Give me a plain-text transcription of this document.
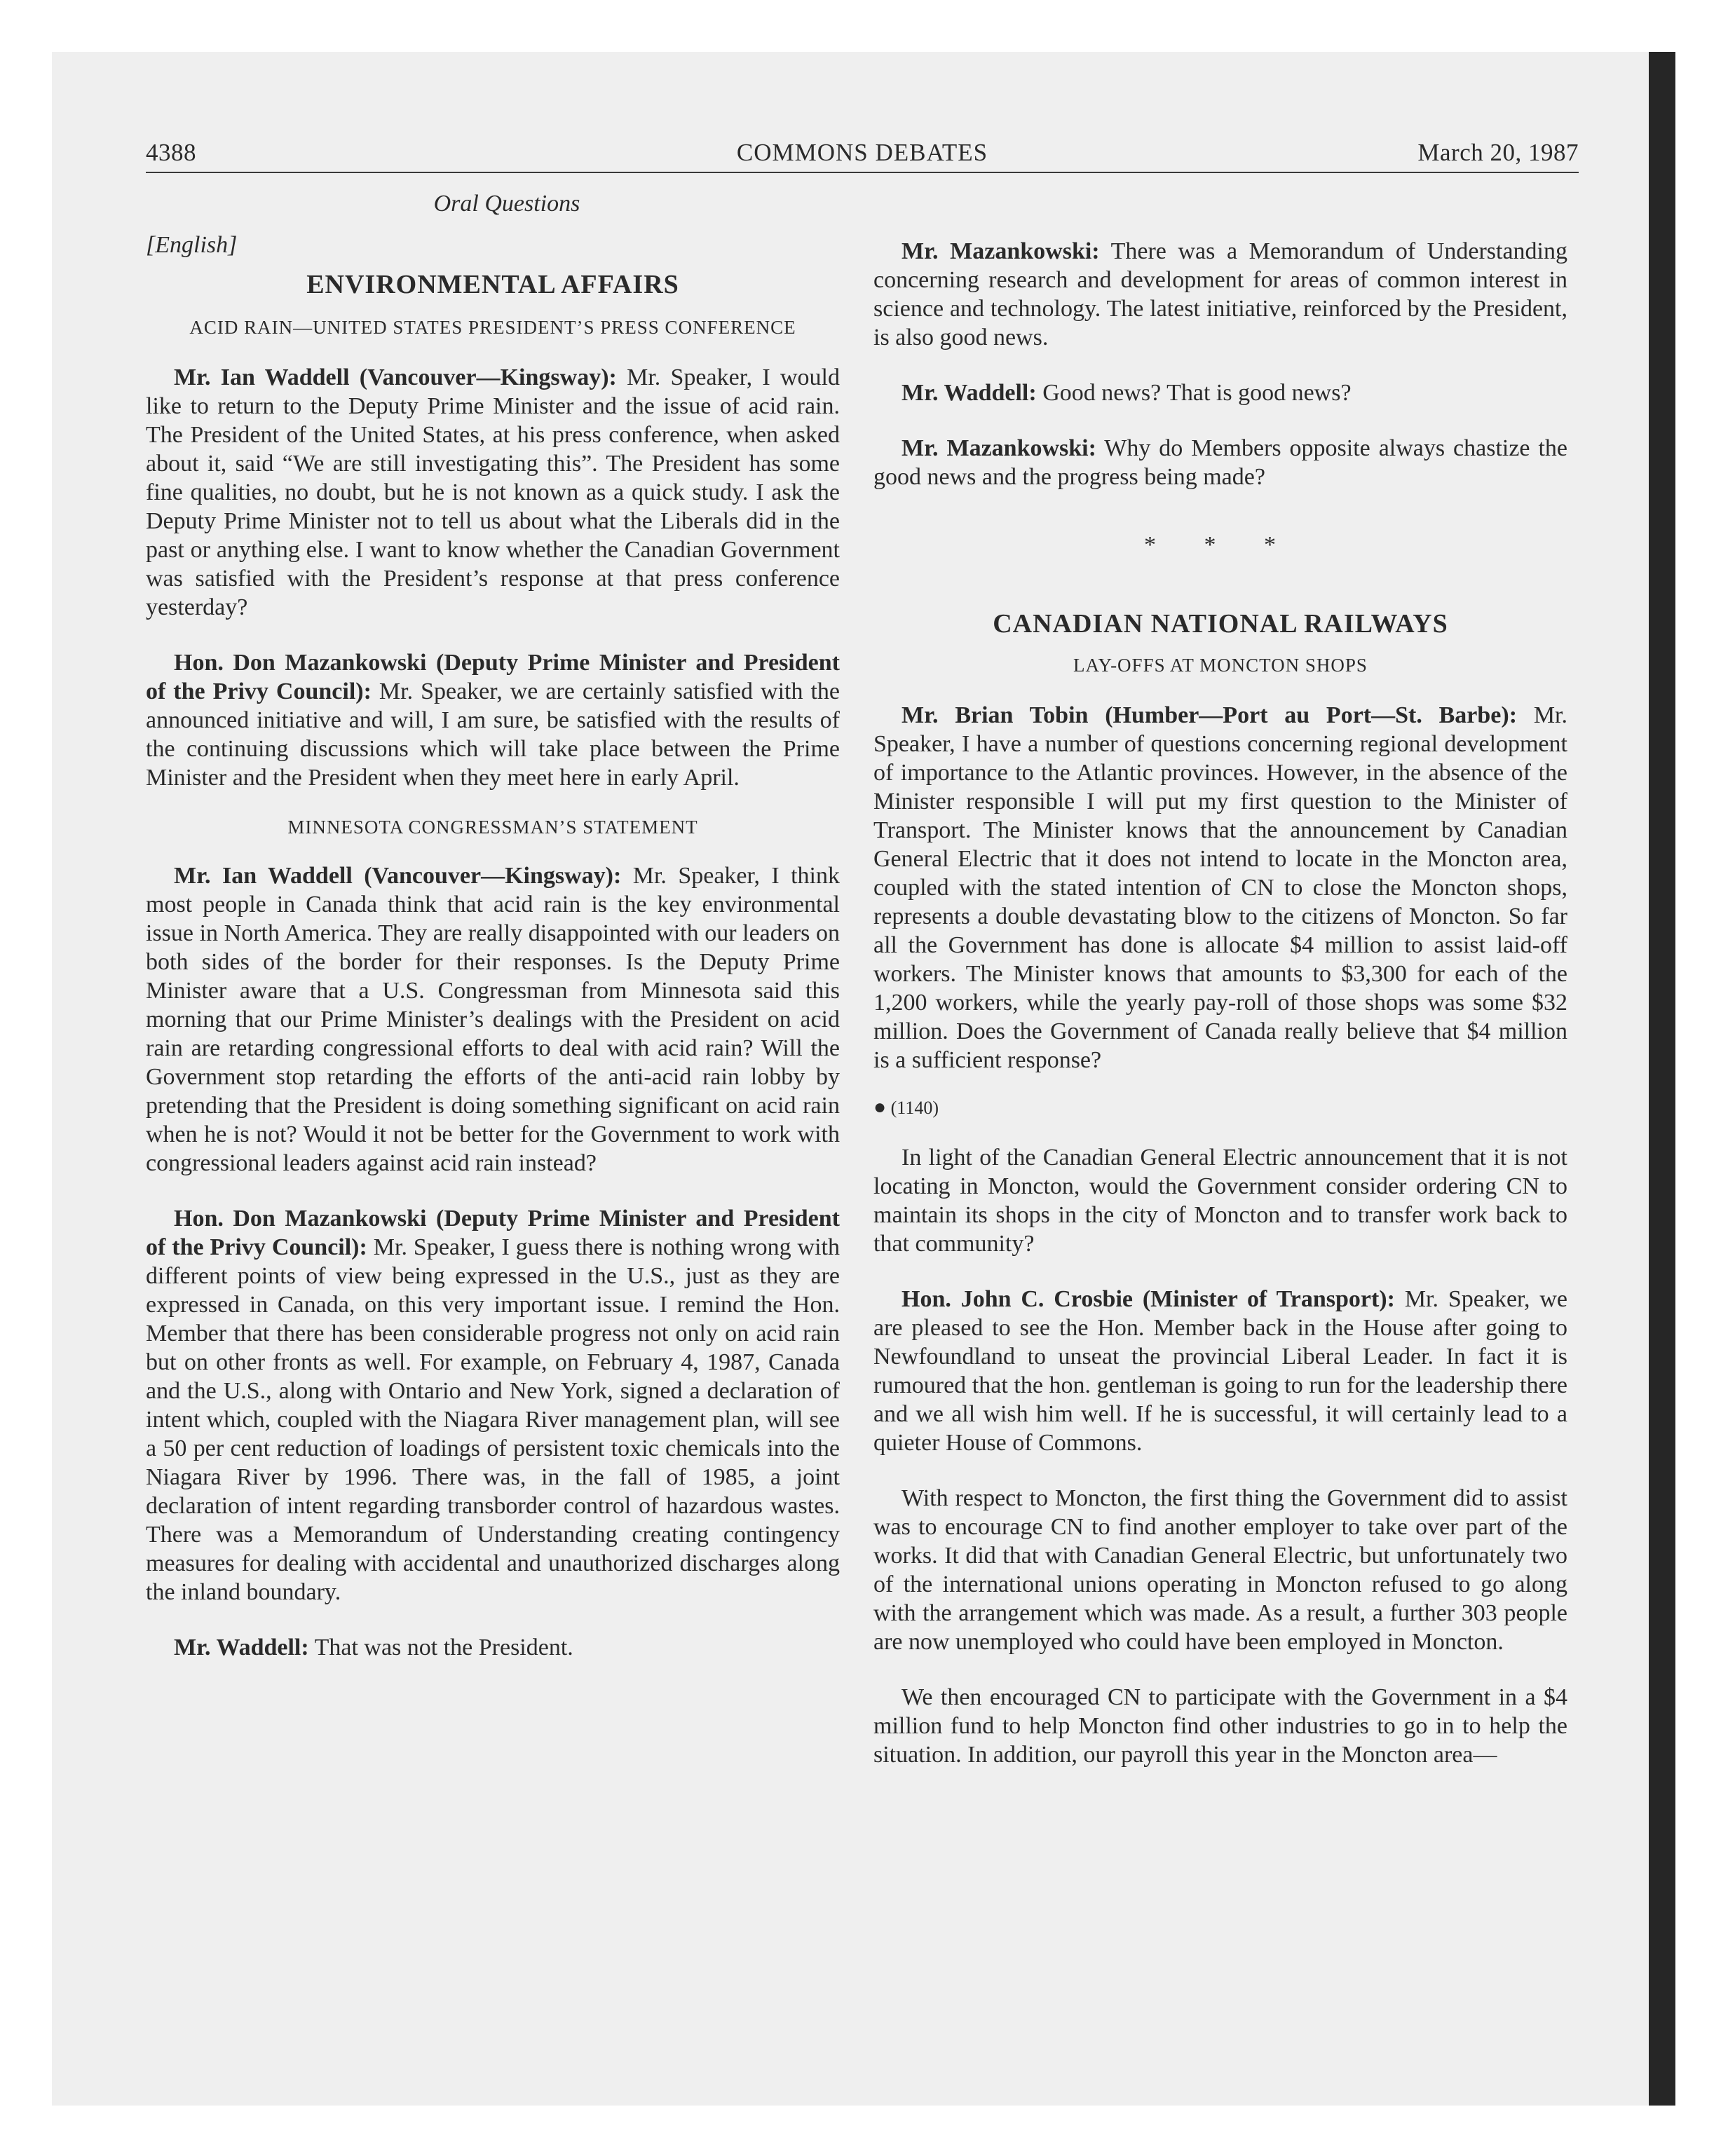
4388	COMMONS DEBATES	March 20, 1987

Oral Questions

[English]

ENVIRONMENTAL AFFAIRS

ACID RAIN—UNITED STATES PRESIDENT’S PRESS CONFERENCE

Mr. Ian Waddell (Vancouver—Kingsway): Mr. Speaker, I would like to return to the Deputy Prime Minister and the issue of acid rain. The President of the United States, at his press conference, when asked about it, said “We are still investigating this”. The President has some fine qualities, no doubt, but he is not known as a quick study. I ask the Deputy Prime Minister not to tell us about what the Liberals did in the past or anything else. I want to know whether the Canadian Government was satisfied with the President’s response at that press conference yesterday?

Hon. Don Mazankowski (Deputy Prime Minister and President of the Privy Council): Mr. Speaker, we are certainly satisfied with the announced initiative and will, I am sure, be satisfied with the results of the continuing discussions which will take place between the Prime Minister and the President when they meet here in early April.

MINNESOTA CONGRESSMAN’S STATEMENT

Mr. Ian Waddell (Vancouver—Kingsway): Mr. Speaker, I think most people in Canada think that acid rain is the key environmental issue in North America. They are really disappointed with our leaders on both sides of the border for their responses. Is the Deputy Prime Minister aware that a U.S. Congressman from Minnesota said this morning that our Prime Minister’s dealings with the President on acid rain are retarding congressional efforts to deal with acid rain? Will the Government stop retarding the efforts of the anti-acid rain lobby by pretending that the President is doing something significant on acid rain when he is not? Would it not be better for the Government to work with congressional leaders against acid rain instead?

Hon. Don Mazankowski (Deputy Prime Minister and President of the Privy Council): Mr. Speaker, I guess there is nothing wrong with different points of view being expressed in the U.S., just as they are expressed in Canada, on this very important issue. I remind the Hon. Member that there has been considerable progress not only on acid rain but on other fronts as well. For example, on February 4, 1987, Canada and the U.S., along with Ontario and New York, signed a declaration of intent which, coupled with the Niagara River management plan, will see a 50 per cent reduction of loadings of persistent toxic chemicals into the Niagara River by 1996. There was, in the fall of 1985, a joint declaration of intent regarding transborder control of hazardous wastes. There was a Memorandum of Understanding creating contingency measures for dealing with accidental and unauthorized discharges along the inland boundary.

Mr. Waddell: That was not the President.

Mr. Mazankowski: There was a Memorandum of Understanding concerning research and development for areas of common interest in science and technology. The latest initiative, reinforced by the President, is also good news.

Mr. Waddell: Good news? That is good news?

Mr. Mazankowski: Why do Members opposite always chastize the good news and the progress being made?

* * *

CANADIAN NATIONAL RAILWAYS

LAY-OFFS AT MONCTON SHOPS

Mr. Brian Tobin (Humber—Port au Port—St. Barbe): Mr. Speaker, I have a number of questions concerning regional development of importance to the Atlantic provinces. However, in the absence of the Minister responsible I will put my first question to the Minister of Transport. The Minister knows that the announcement by Canadian General Electric that it does not intend to locate in the Moncton area, coupled with the stated intention of CN to close the Moncton shops, represents a double devastating blow to the citizens of Moncton. So far all the Government has done is allocate $4 million to assist laid-off workers. The Minister knows that amounts to $3,300 for each of the 1,200 workers, while the yearly pay-roll of those shops was some $32 million. Does the Government of Canada really believe that $4 million is a sufficient response?

● (1140)

In light of the Canadian General Electric announcement that it is not locating in Moncton, would the Government consider ordering CN to maintain its shops in the city of Moncton and to transfer work back to that community?

Hon. John C. Crosbie (Minister of Transport): Mr. Speaker, we are pleased to see the Hon. Member back in the House after going to Newfoundland to unseat the provincial Liberal Leader. In fact it is rumoured that the hon. gentleman is going to run for the leadership there and we all wish him well. If he is successful, it will certainly lead to a quieter House of Commons.

With respect to Moncton, the first thing the Government did to assist was to encourage CN to find another employer to take over part of the works. It did that with Canadian General Electric, but unfortunately two of the international unions operating in Moncton refused to go along with the arrangement which was made. As a result, a further 303 people are now unemployed who could have been employed in Moncton.

We then encouraged CN to participate with the Government in a $4 million fund to help Moncton find other industries to go in to help the situation. In addition, our payroll this year in the Moncton area—
